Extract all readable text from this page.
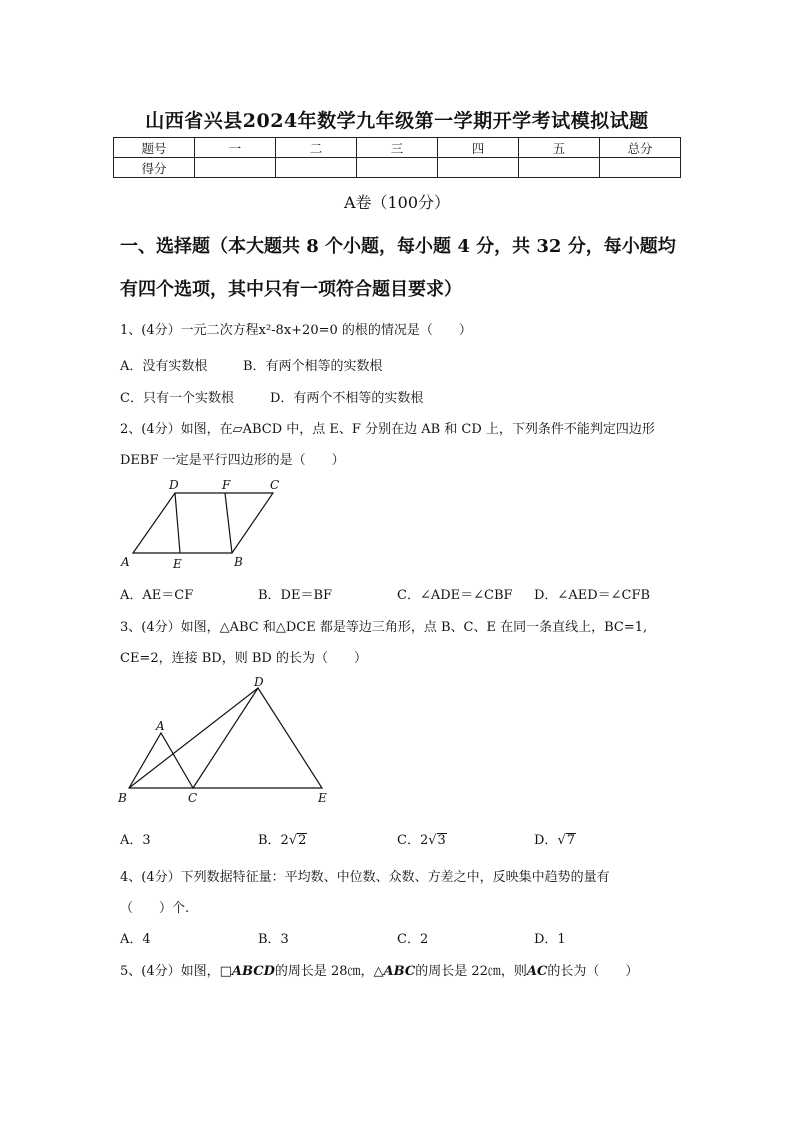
山西省兴县2024年数学九年级第一学期开学考试模拟试题
题号	一	二	三	四	五	总分
得分						
A卷（100分）
一、选择题（本大题共 8 个小题，每小题 4 分，共 32 分，每小题均
有四个选项，其中只有一项符合题目要求）
1、(4分）一元二次方程x²-8x+20=0 的根的情况是（　　）
A．没有实数根	B．有两个相等的实数根
C．只有一个实数根	D．有两个不相等的实数根
2、(4分）如图，在▱ABCD 中，点 E、F 分别在边 AB 和 CD 上，下列条件不能判定四边形
DEBF 一定是平行四边形的是（　　）
D	F	C
A	E	B
A．AE＝CF	B．DE＝BF	C．∠ADE＝∠CBF D．∠AED＝∠CFB
3、(4分）如图，△ABC 和△DCE 都是等边三角形，点 B、C、E 在同一条直线上，BC=1,
CE=2，连接 BD，则 BD 的长为（　　）
D
A
B	C	E
A．3	B．2√2	C．2√3	D．√7
4、(4分）下列数据特征量：平均数、中位数、众数、方差之中，反映集中趋势的量有
（　　）个.
A．4	B．3	C．2	D．1
5、(4分）如图，□ABCD的周长是 28㎝，△ABC的周长是 22㎝，则AC的长为（　　）
